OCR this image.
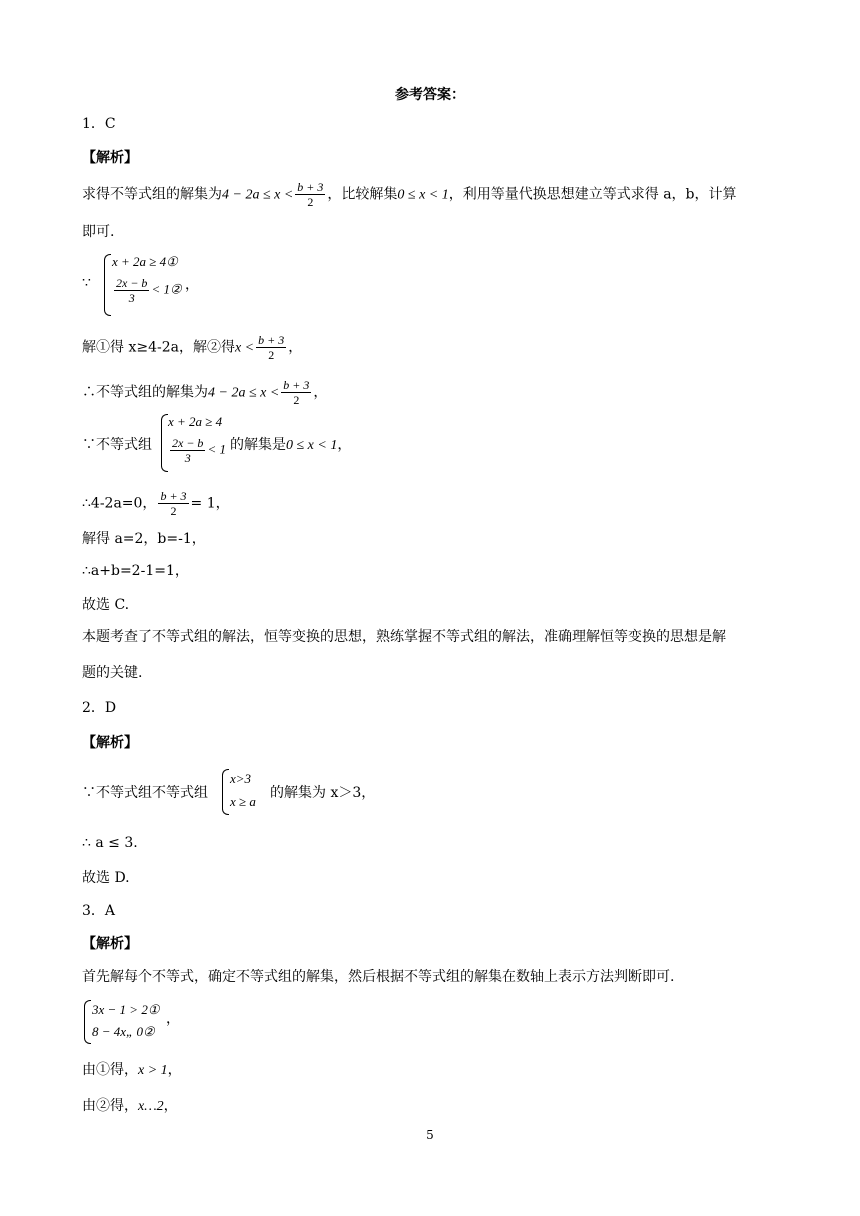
参考答案：
1．C
【解析】
求得不等式组的解集为$4 - 2a \le x < \frac{b + 3}{2}$ ，比较解集0 ≤ x < 1，利用等量代换思想建立等式求得 a，b，计算
即可.
∵
x + 2a ≥ 4①
$\frac{2x - b}{3}$ < 1② ，
解①得 x≥4-2a，解②得$x < \frac{b + 3}{2}$ ，
∴不等式组的解集为$4 - 2a \le x < \frac{b + 3}{2}$ ，
∵不等式组
x + 2a ≥ 4
$\frac{2x - b}{3} < 1$ 的解集是0 ≤ x < 1，
∴4-2a=0， $\frac{b + 3}{2} = 1$，
解得 a=2，b=-1，
∴a+b=2-1=1，
故选 C.
本题考查了不等式组的解法，恒等变换的思想，熟练掌握不等式组的解法，准确理解恒等变换的思想是解
题的关键.
2．D
【解析】
∵不等式组不等式组
x>3
x ≥ a
的解集为 x＞3，
∴ a ≤ 3.
故选 D.
3．A
【解析】
首先解每个不等式，确定不等式组的解集，然后根据不等式组的解集在数轴上表示方法判断即可.
3x − 1 > 2①
8 − 4x„ 0②
，
由①得，x > 1，
由②得，x…2，
5
